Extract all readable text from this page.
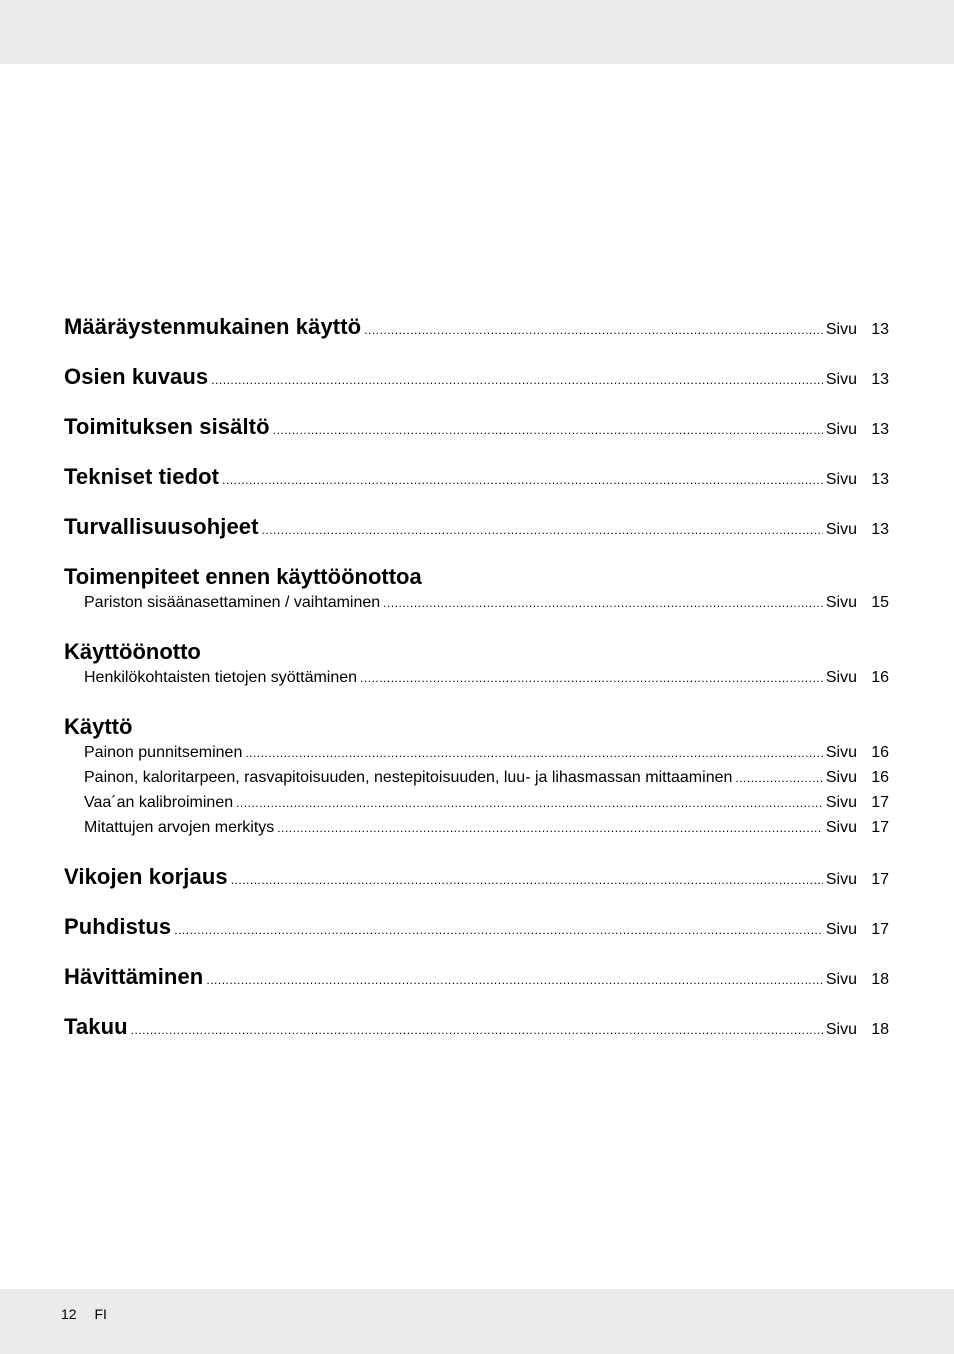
Määräystenmukainen käyttö .....	Sivu 13
Osien kuvaus .....	Sivu 13
Toimituksen sisältö .....	Sivu 13
Tekniset tiedot .....	Sivu 13
Turvallisuusohjeet .....	Sivu 13
Toimenpiteet ennen käyttöönottoa
Pariston sisäänasettaminen / vaihtaminen .....	Sivu 15
Käyttöönotto
Henkilökohtaisten tietojen syöttäminen .....	Sivu 16
Käyttö
Painon punnitseminen .....	Sivu 16
Painon, kaloritarpeen, rasvapitoisuuden, nestepitoisuuden, luu- ja lihasmassan mittaaminen .....	Sivu 16
Vaa´an kalibroiminen .....	Sivu 17
Mitattujen arvojen merkitys .....	Sivu 17
Vikojen korjaus .....	Sivu 17
Puhdistus .....	Sivu 17
Hävittäminen .....	Sivu 18
Takuu .....	Sivu 18
12 FI
